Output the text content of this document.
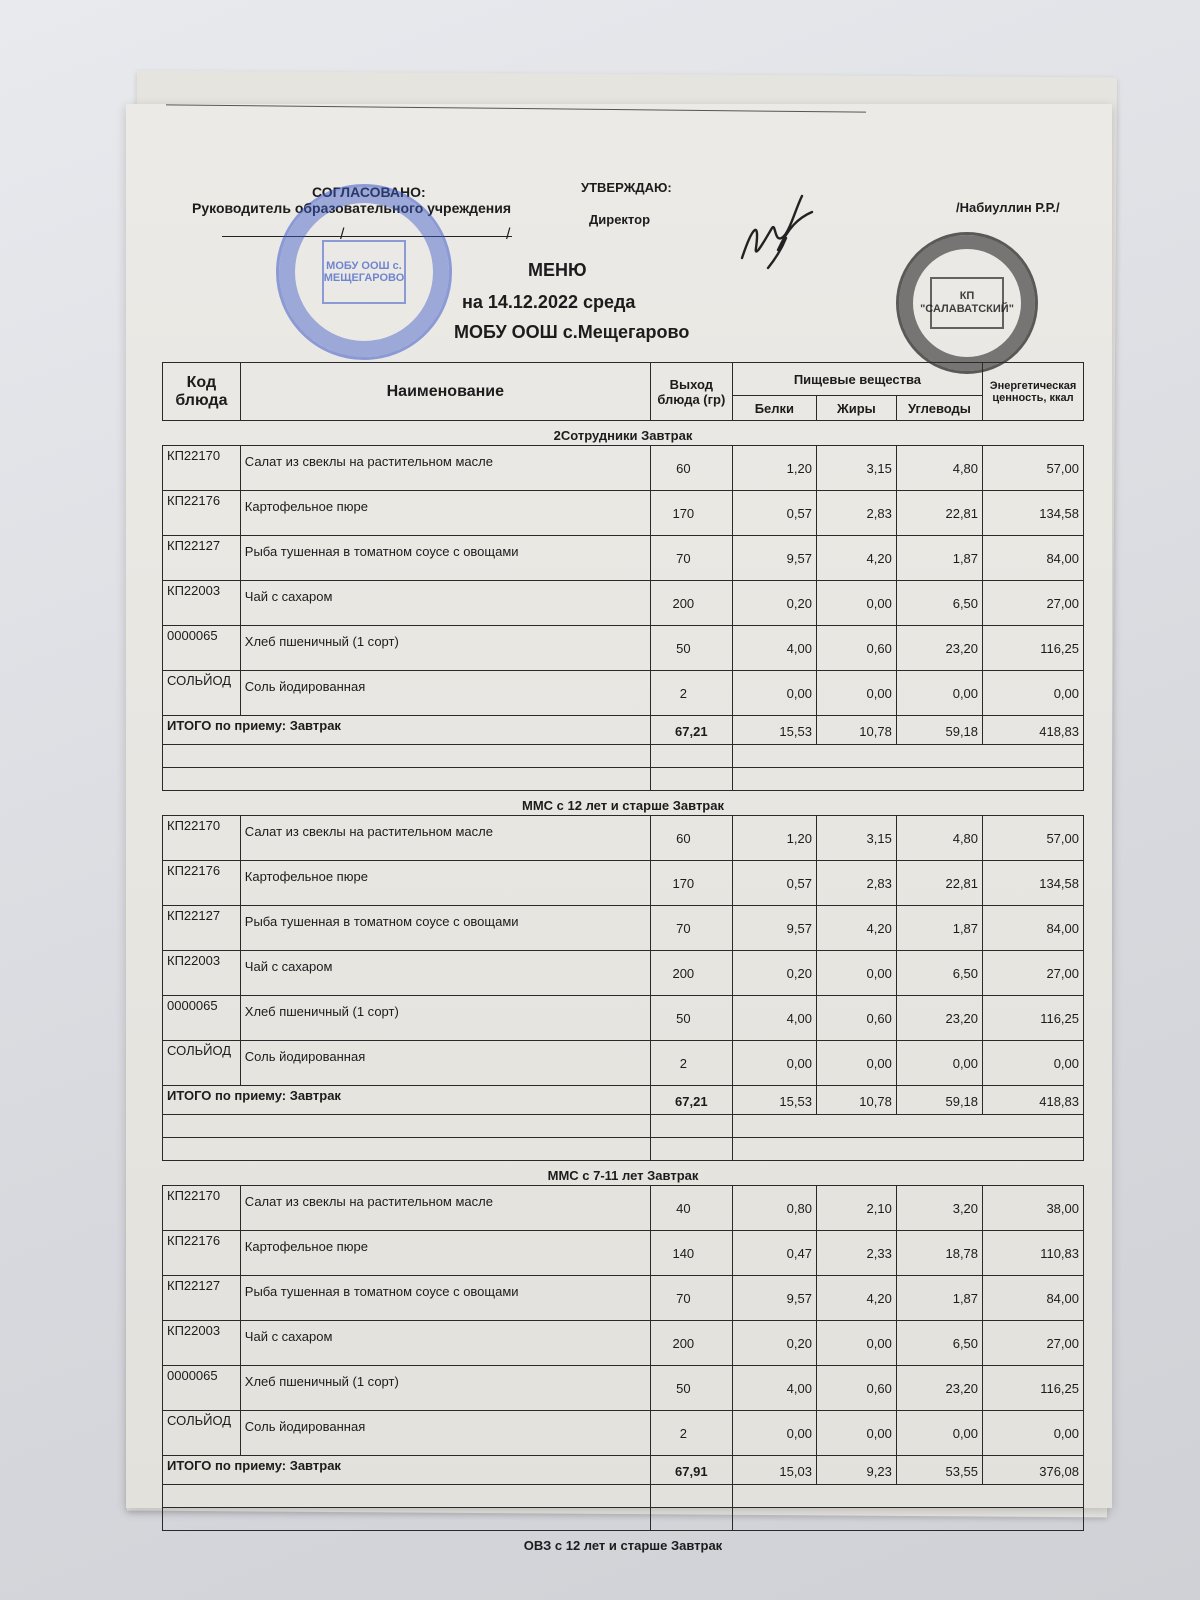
СОГЛАСОВАНО:
Руководитель образовательного учреждения
/	/
УТВЕРЖДАЮ:
Директор
/Набиуллин Р.Р./
МОБУ ООШ с. МЕЩЕГАРОВО
КП
"САЛАВАТСКИЙ"
МЕНЮ
на 14.12.2022 среда
МОБУ ООШ с.Мещегарово
Код блюда	Наименование	Выход блюда (гр)	Пищевые вещества			Энергетическая ценность, ккал
			Белки	Жиры	Углеводы	
2Сотрудники Завтрак						
КП22170	Салат из свеклы на растительном масле	60	1,20	3,15	4,80	57,00
КП22176	Картофельное пюре	170	0,57	2,83	22,81	134,58
КП22127	Рыба тушенная в томатном соусе с овощами	70	9,57	4,20	1,87	84,00
КП22003	Чай с сахаром	200	0,20	0,00	6,50	27,00
0000065	Хлеб пшеничный (1 сорт)	50	4,00	0,60	23,20	116,25
СОЛЬЙОД	Соль йодированная	2	0,00	0,00	0,00	0,00
ИТОГО по приему: Завтрак		67,21	15,53	10,78	59,18	418,83

ММС с 12 лет и старше Завтрак						
КП22170	Салат из свеклы на растительном масле	60	1,20	3,15	4,80	57,00
КП22176	Картофельное пюре	170	0,57	2,83	22,81	134,58
КП22127	Рыба тушенная в томатном соусе с овощами	70	9,57	4,20	1,87	84,00
КП22003	Чай с сахаром	200	0,20	0,00	6,50	27,00
0000065	Хлеб пшеничный (1 сорт)	50	4,00	0,60	23,20	116,25
СОЛЬЙОД	Соль йодированная	2	0,00	0,00	0,00	0,00
ИТОГО по приему: Завтрак		67,21	15,53	10,78	59,18	418,83

ММС с 7-11 лет Завтрак						
КП22170	Салат из свеклы на растительном масле	40	0,80	2,10	3,20	38,00
КП22176	Картофельное пюре	140	0,47	2,33	18,78	110,83
КП22127	Рыба тушенная в томатном соусе с овощами	70	9,57	4,20	1,87	84,00
КП22003	Чай с сахаром	200	0,20	0,00	6,50	27,00
0000065	Хлеб пшеничный (1 сорт)	50	4,00	0,60	23,20	116,25
СОЛЬЙОД	Соль йодированная	2	0,00	0,00	0,00	0,00
ИТОГО по приему: Завтрак		67,91	15,03	9,23	53,55	376,08

ОВЗ с 12 лет и старше Завтрак						
